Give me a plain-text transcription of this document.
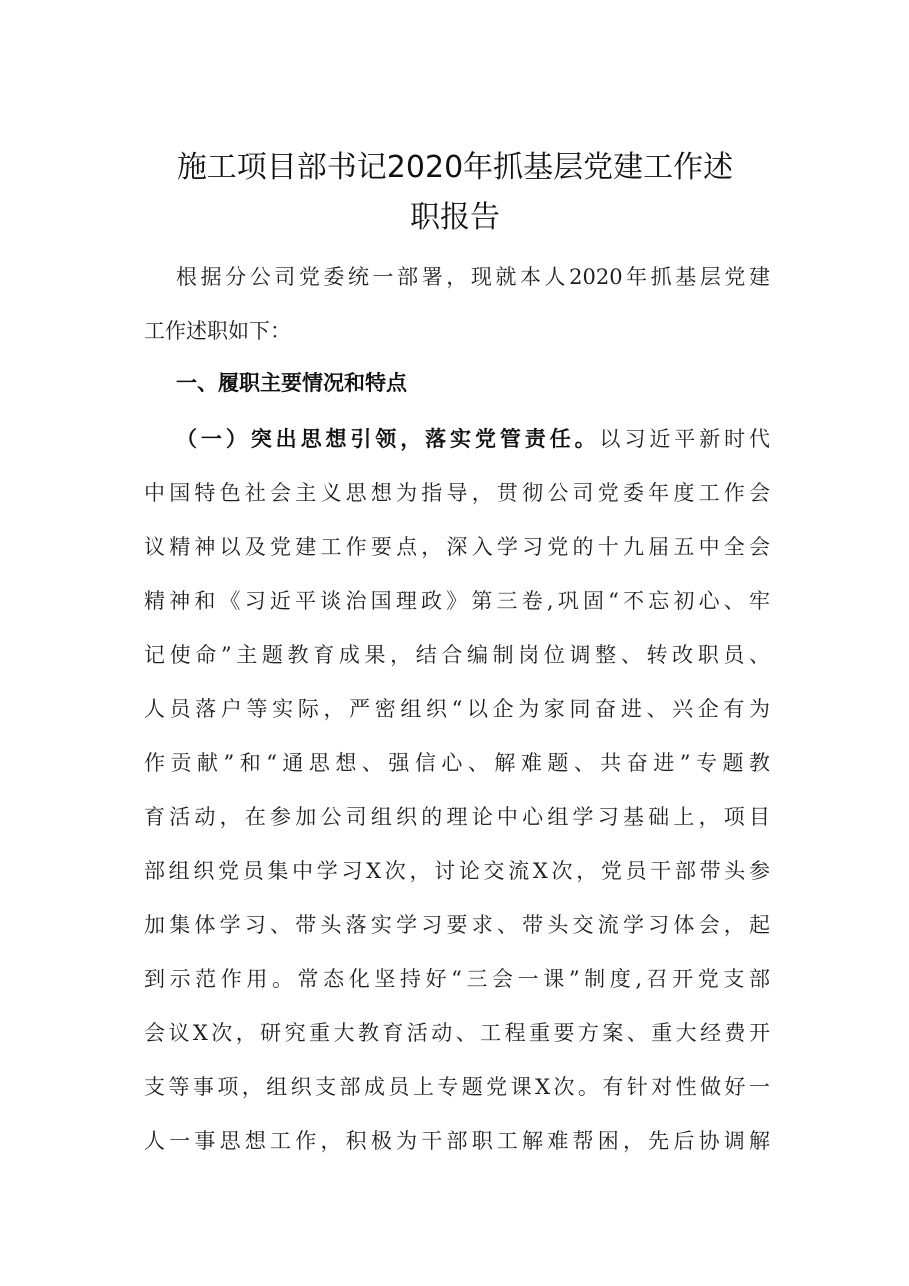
施工项目部书记2020年抓基层党建工作述
职报告
根据分公司党委统一部署，现就本人2020年抓基层党建
工作述职如下：
一、履职主要情况和特点
（一）突出思想引领，落实党管责任。以习近平新时代
中国特色社会主义思想为指导，贯彻公司党委年度工作会
议精神以及党建工作要点，深入学习党的十九届五中全会
精神和《习近平谈治国理政》第三卷,巩固“不忘初心、牢
记使命”主题教育成果，结合编制岗位调整、转改职员、
人员落户等实际，严密组织“以企为家同奋进、兴企有为
作贡献”和“通思想、强信心、解难题、共奋进”专题教
育活动，在参加公司组织的理论中心组学习基础上，项目
部组织党员集中学习X次，讨论交流X次，党员干部带头参
加集体学习、带头落实学习要求、带头交流学习体会，起
到示范作用。常态化坚持好“三会一课”制度,召开党支部
会议X次，研究重大教育活动、工程重要方案、重大经费开
支等事项，组织支部成员上专题党课X次。有针对性做好一
人一事思想工作，积极为干部职工解难帮困，先后协调解
